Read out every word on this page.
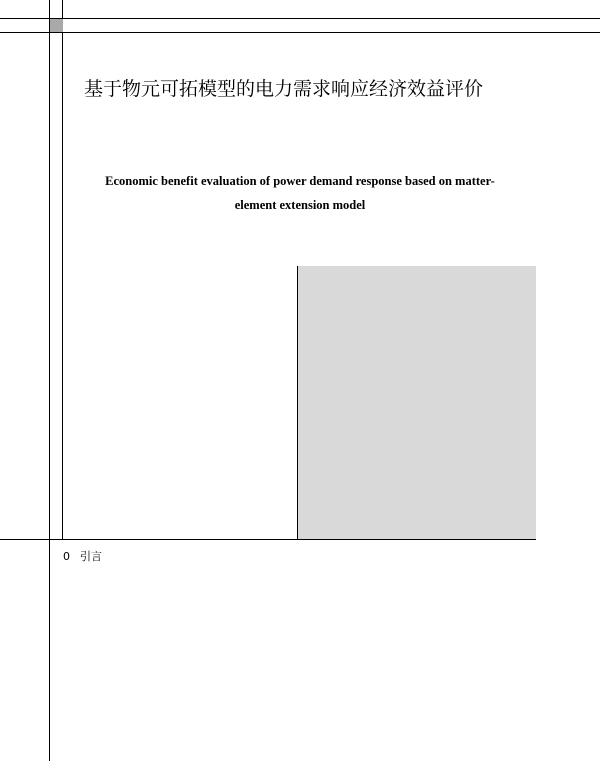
基于物元可拓模型的电力需求响应经济效益评价
Economic benefit evaluation of power demand response based on matter-element extension model
0 引言
